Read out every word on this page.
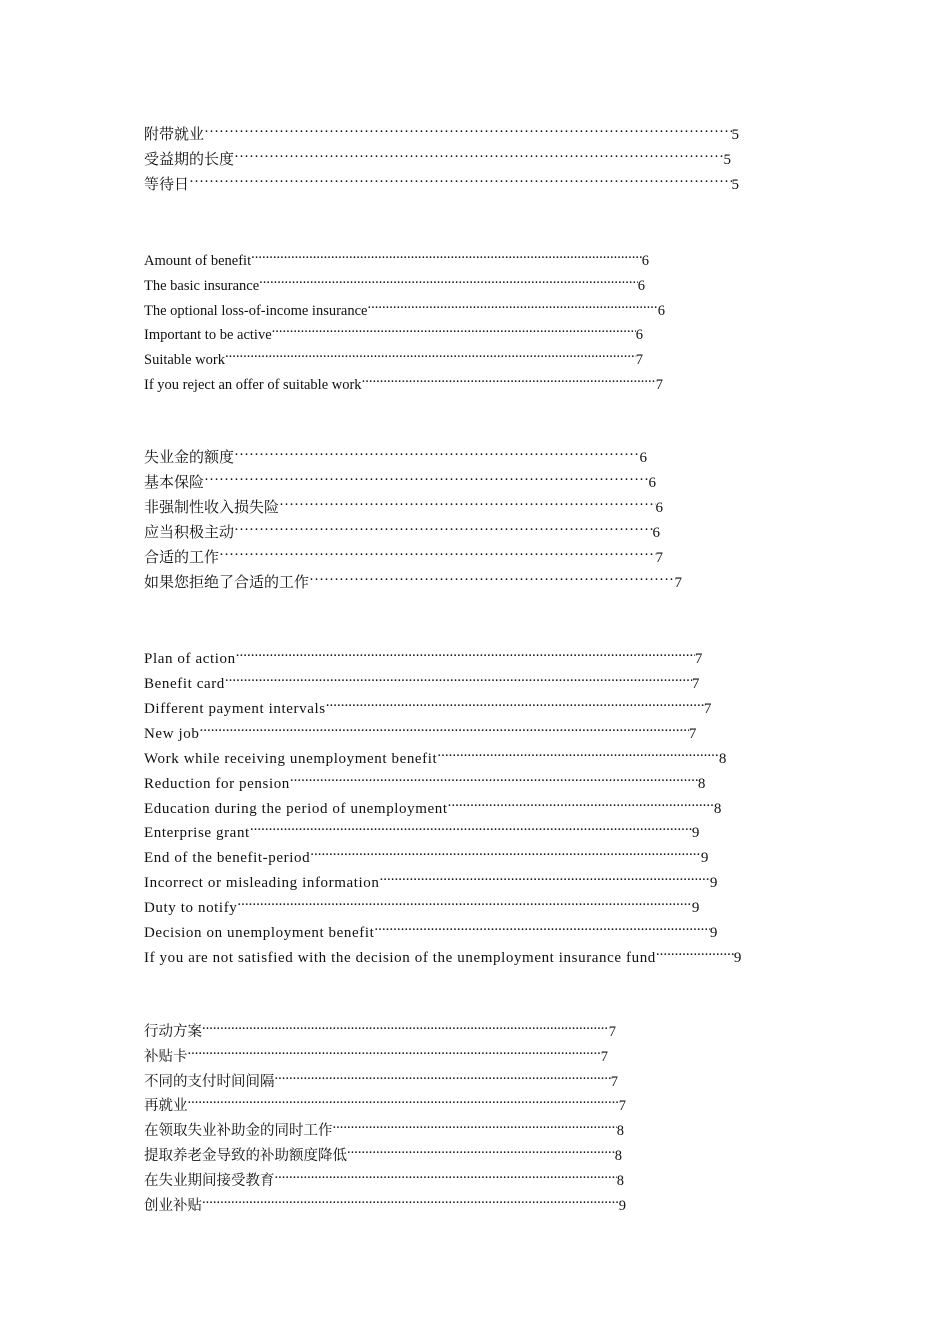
附带就业 ………………………………………………………………………………………………………………………………………………………………	5
受益期的长度 ………………………………………………………………………………………………………………………………………………………………	5
等待日 ………………………………………………………………………………………………………………………………………………………………	5
Amount of benefit .....	6
The basic insurance .....	6
The optional loss-of-income insurance .....	6
Important to be active .....	6
Suitable work .....	7
If you reject an offer of suitable work .....	7
失业金的额度 ………………………………………………………………………………………………………………………………………………………………	6
基本保险 ………………………………………………………………………………………………………………………………………………………………	6
非强制性收入损失险 ………………………………………………………………………………………………………………………………………………………………	6
应当积极主动 ………………………………………………………………………………………………………………………………………………………………	6
合适的工作 ………………………………………………………………………………………………………………………………………………………………	7
如果您拒绝了合适的工作 ………………………………………………………………………………………………………………………………………………………………	7
Plan of action .....	7
Benefit card .....	7
Different payment intervals .....	7
New job .....	7
Work while receiving unemployment benefit .....	8
Reduction for pension .....	8
Education during the period of unemployment .....	8
Enterprise grant .....	9
End of the benefit-period .....	9
Incorrect or misleading information .....	9
Duty to notify .....	9
Decision on unemployment benefit .....	9
If you are not satisfied with the decision of the unemployment insurance fund .....	9
行动方案 .....	7
补贴卡 .....	7
不同的支付时间间隔 .....	7
再就业 .....	7
在领取失业补助金的同时工作 .....	8
提取养老金导致的补助额度降低 .....	8
在失业期间接受教育 .....	8
创业补贴 .....	9
